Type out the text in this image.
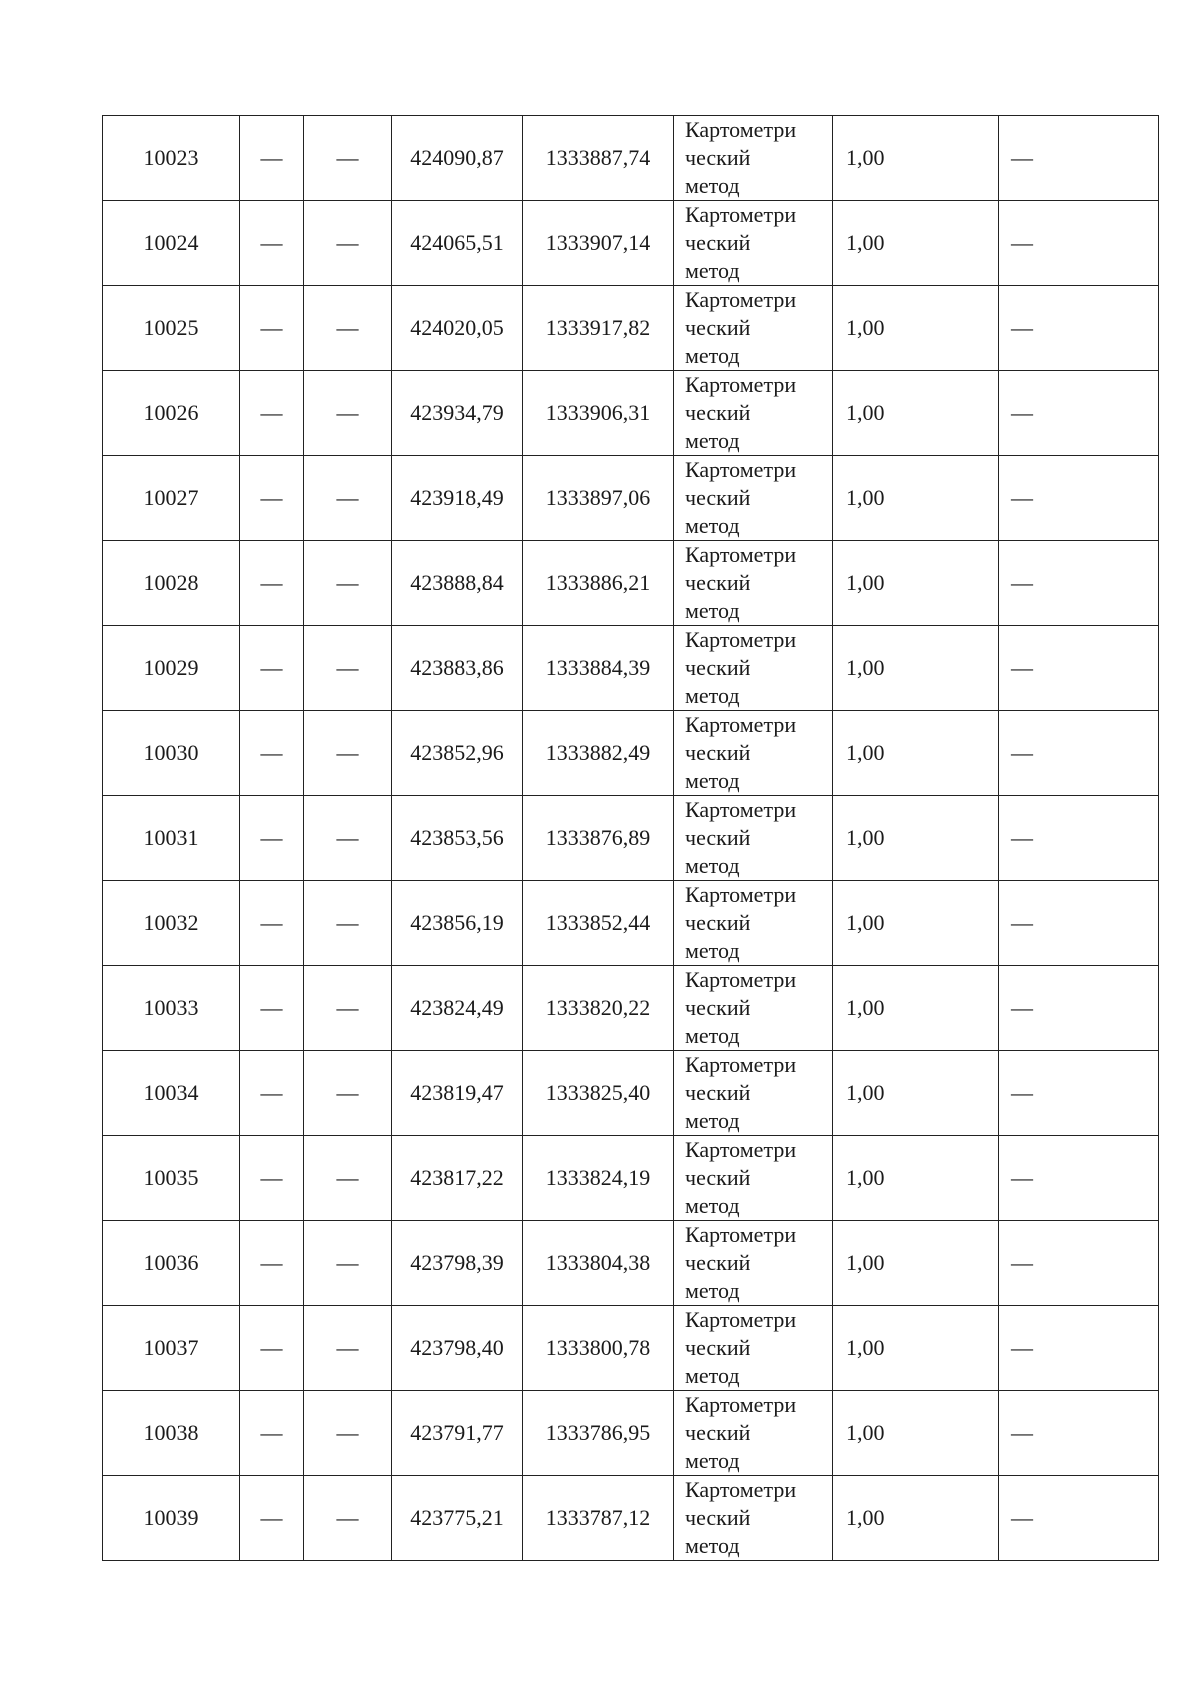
10023	—	—	424090,87	1333887,74	Картометри
ческий
метод	1,00	—
10024	—	—	424065,51	1333907,14	Картометри
ческий
метод	1,00	—
10025	—	—	424020,05	1333917,82	Картометри
ческий
метод	1,00	—
10026	—	—	423934,79	1333906,31	Картометри
ческий
метод	1,00	—
10027	—	—	423918,49	1333897,06	Картометри
ческий
метод	1,00	—
10028	—	—	423888,84	1333886,21	Картометри
ческий
метод	1,00	—
10029	—	—	423883,86	1333884,39	Картометри
ческий
метод	1,00	—
10030	—	—	423852,96	1333882,49	Картометри
ческий
метод	1,00	—
10031	—	—	423853,56	1333876,89	Картометри
ческий
метод	1,00	—
10032	—	—	423856,19	1333852,44	Картометри
ческий
метод	1,00	—
10033	—	—	423824,49	1333820,22	Картометри
ческий
метод	1,00	—
10034	—	—	423819,47	1333825,40	Картометри
ческий
метод	1,00	—
10035	—	—	423817,22	1333824,19	Картометри
ческий
метод	1,00	—
10036	—	—	423798,39	1333804,38	Картометри
ческий
метод	1,00	—
10037	—	—	423798,40	1333800,78	Картометри
ческий
метод	1,00	—
10038	—	—	423791,77	1333786,95	Картометри
ческий
метод	1,00	—
10039	—	—	423775,21	1333787,12	Картометри
ческий
метод	1,00	—
